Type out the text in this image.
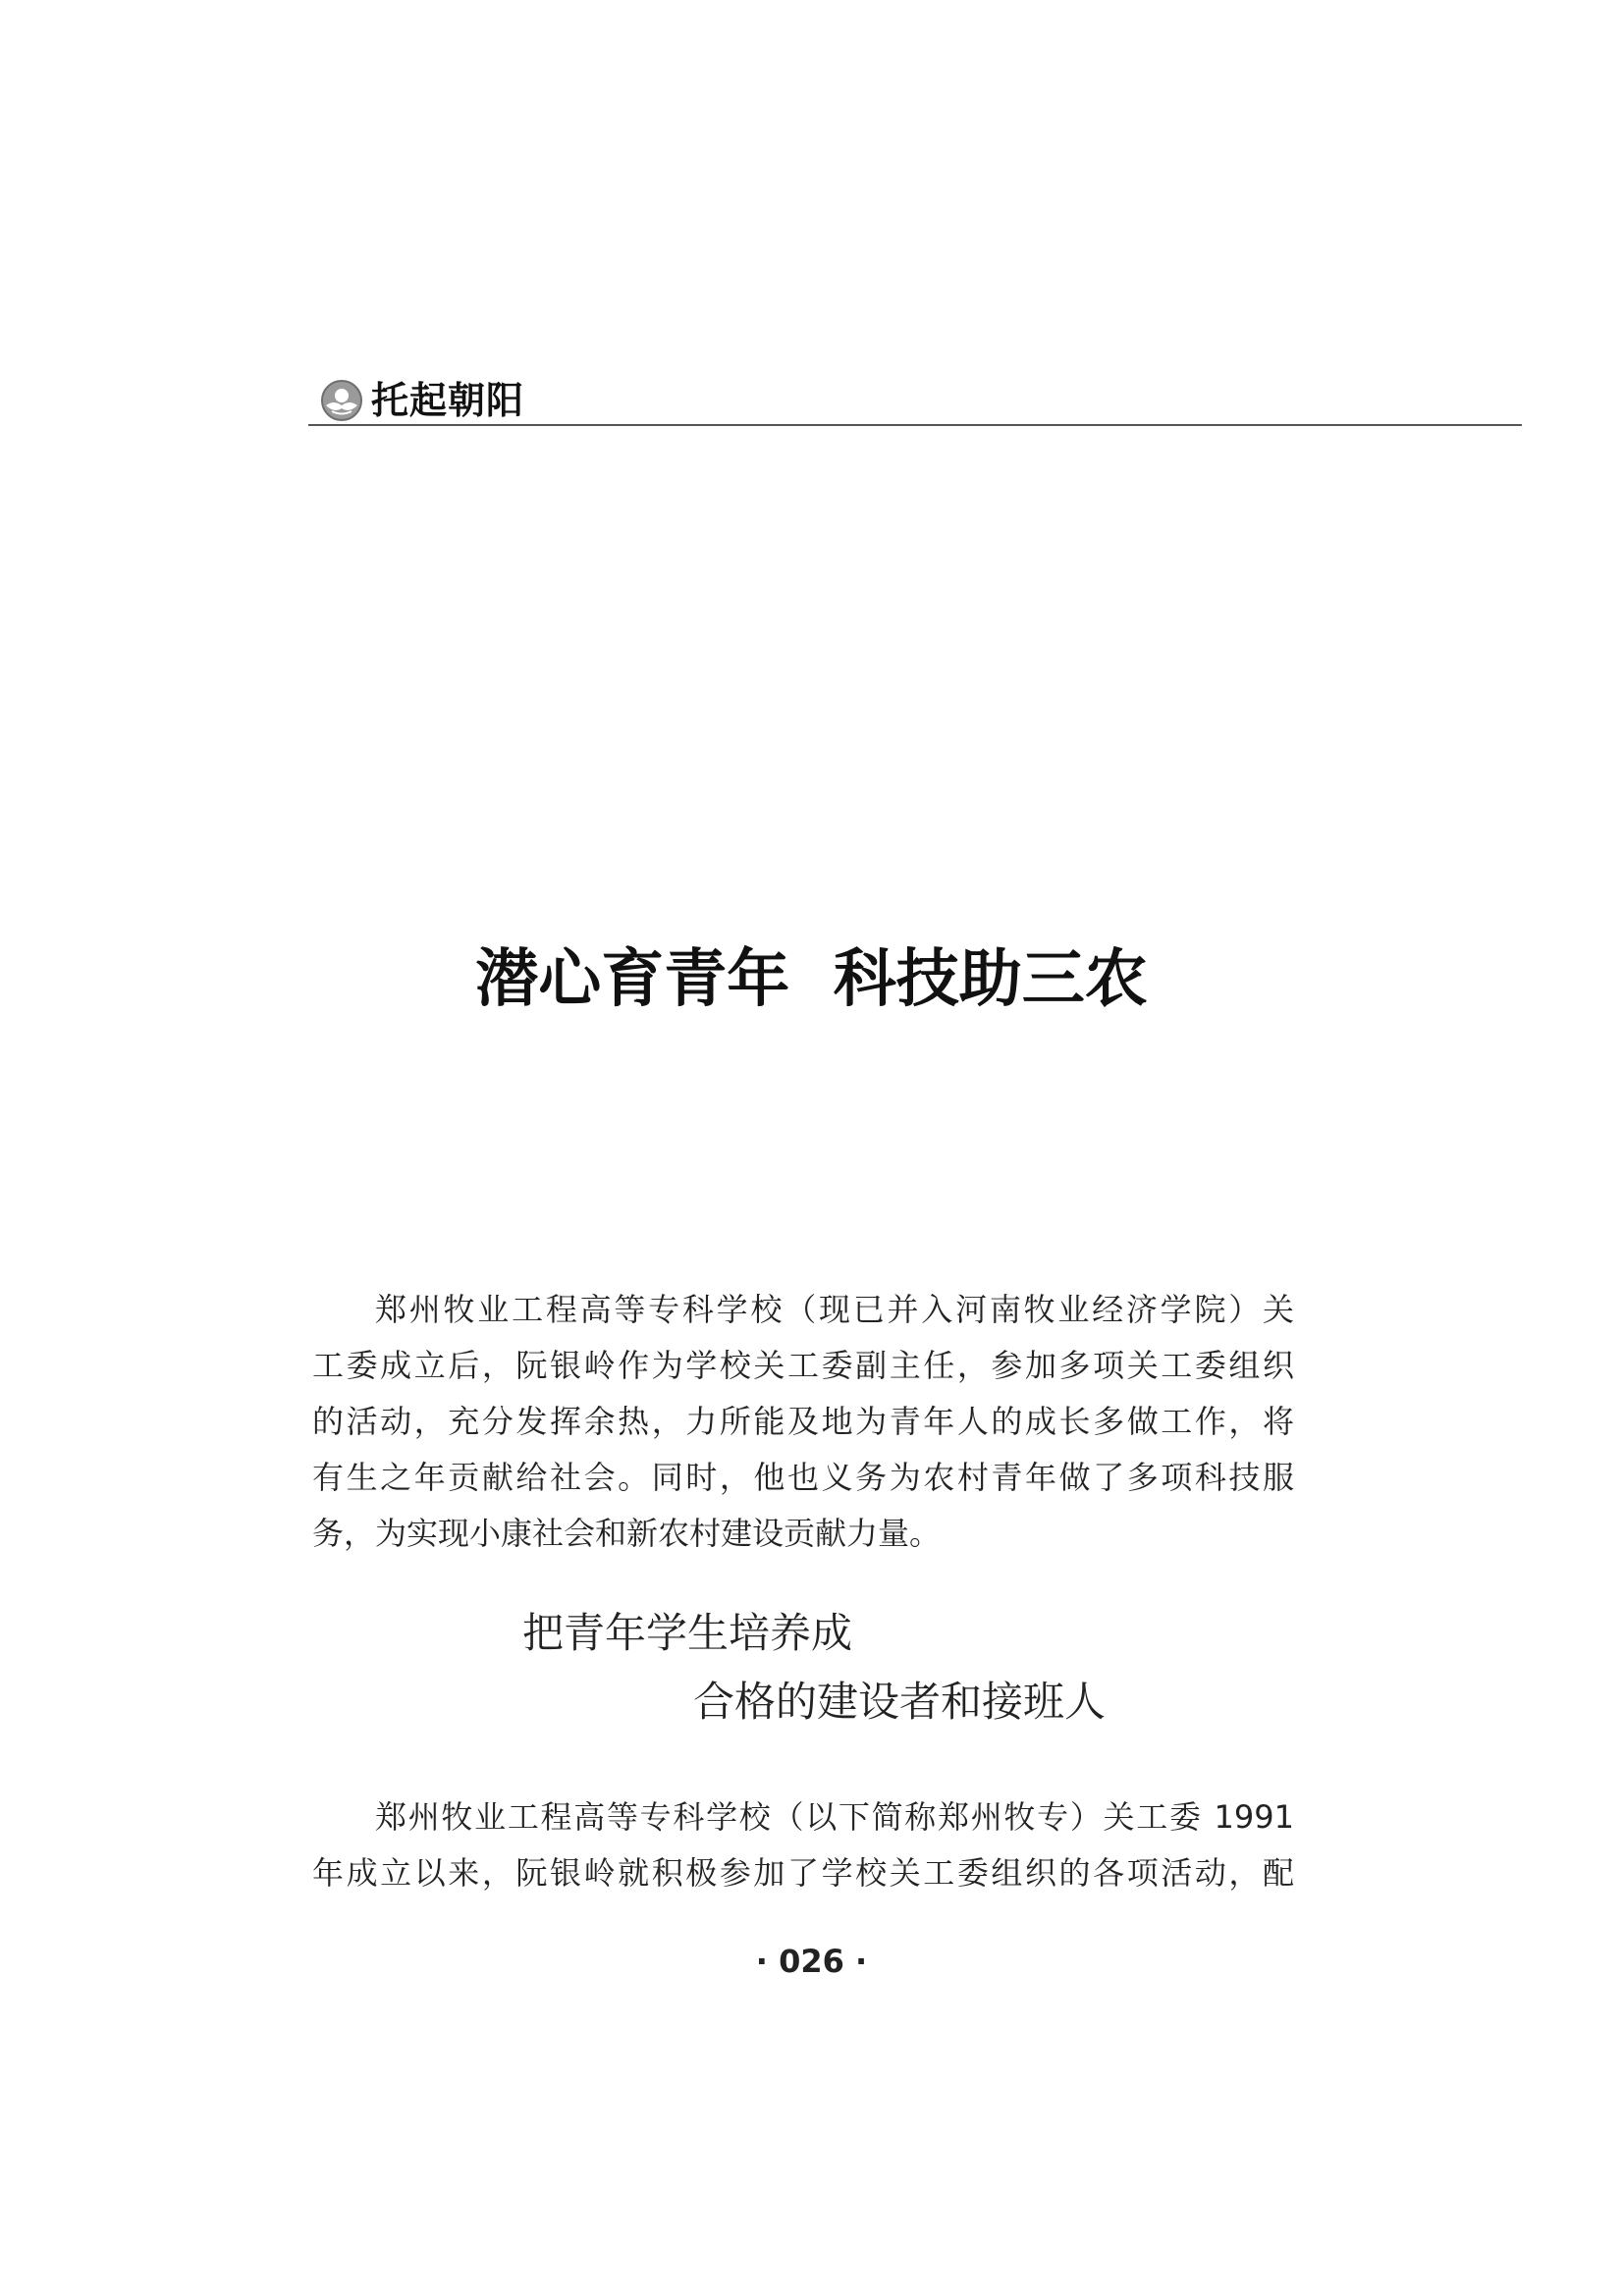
托起朝阳
潜心育青年  科技助三农
郑州牧业工程高等专科学校（现已并入河南牧业经济学院）关
工委成立后，阮银岭作为学校关工委副主任，参加多项关工委组织
的活动，充分发挥余热，力所能及地为青年人的成长多做工作，将
有生之年贡献给社会。同时，他也义务为农村青年做了多项科技服
务，为实现小康社会和新农村建设贡献力量。
把青年学生培养成
合格的建设者和接班人
郑州牧业工程高等专科学校（以下简称郑州牧专）关工委 1991
年成立以来，阮银岭就积极参加了学校关工委组织的各项活动，配
· 026 ·
